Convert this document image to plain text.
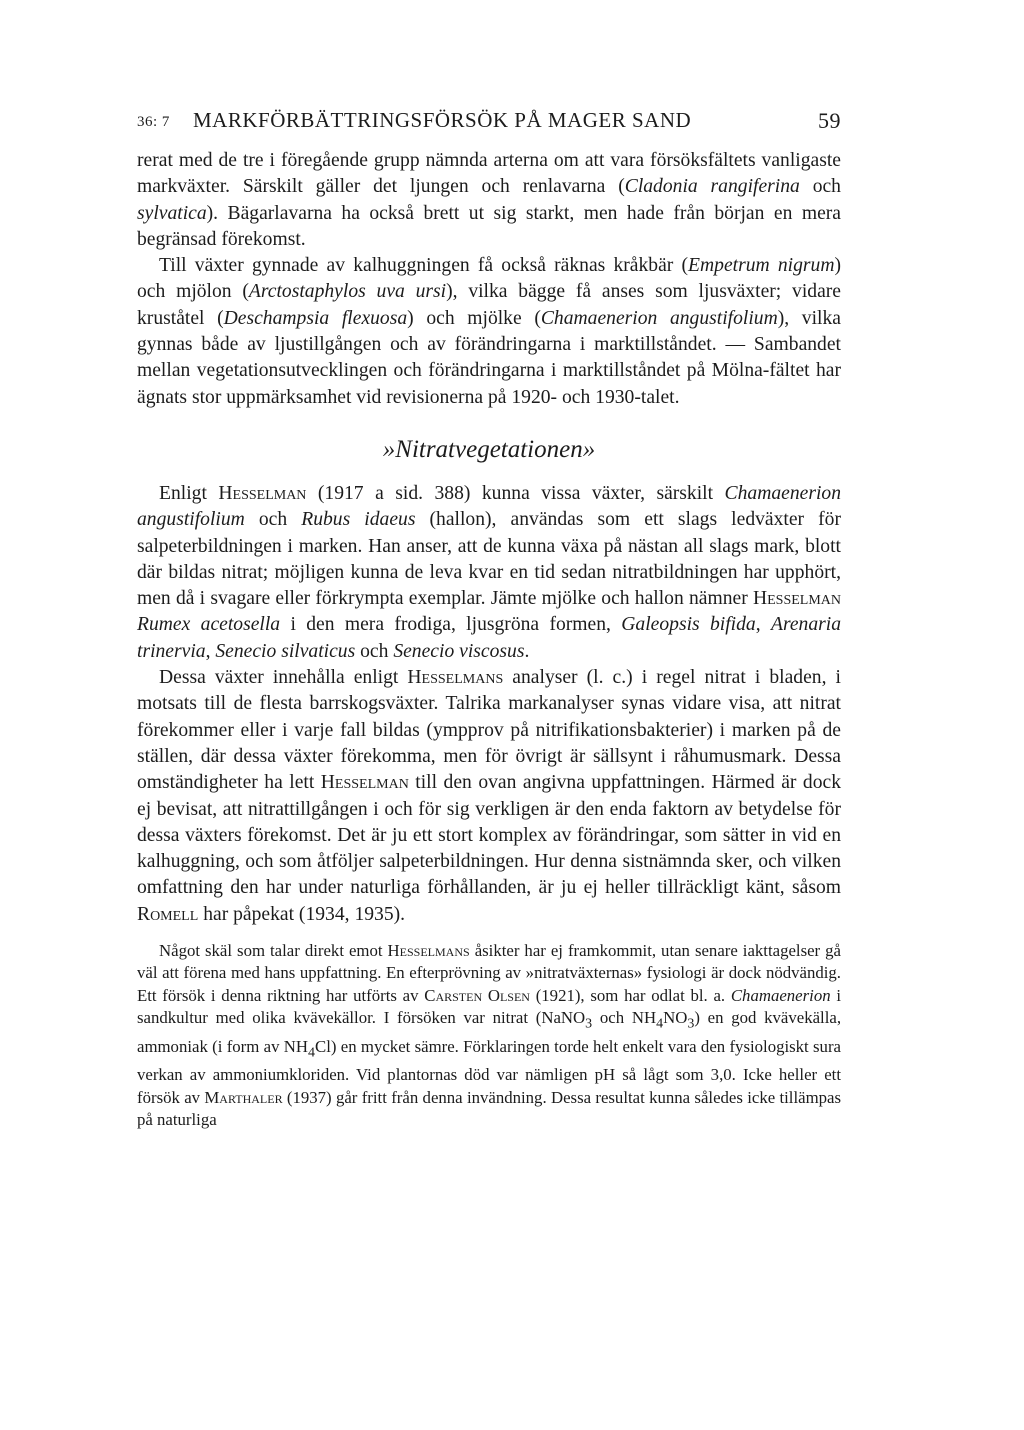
36: 7 MARKFÖRBÄTTRINGSFÖRSÖK PÅ MAGER SAND	59

rerat med de tre i föregående grupp nämnda arterna om att vara försöksfältets vanligaste markväxter. Särskilt gäller det ljungen och renlavarna (Cladonia rangiferina och sylvatica). Bägarlavarna ha också brett ut sig starkt, men hade från början en mera begränsad förekomst.

Till växter gynnade av kalhuggningen få också räknas kråkbär (Empetrum nigrum) och mjölon (Arctostaphylos uva ursi), vilka bägge få anses som ljusväxter; vidare kruståtel (Deschampsia flexuosa) och mjölke (Chamaenerion angustifolium), vilka gynnas både av ljustillgången och av förändringarna i marktillståndet. — Sambandet mellan vegetationsutvecklingen och förändringarna i marktillståndet på Mölna-fältet har ägnats stor uppmärksamhet vid revisionerna på 1920- och 1930-talet.

»Nitratvegetationen»

Enligt Hesselman (1917 a sid. 388) kunna vissa växter, särskilt Chamaenerion angustifolium och Rubus idaeus (hallon), användas som ett slags ledväxter för salpeterbildningen i marken. Han anser, att de kunna växa på nästan all slags mark, blott där bildas nitrat; möjligen kunna de leva kvar en tid sedan nitratbildningen har upphört, men då i svagare eller förkrympta exemplar. Jämte mjölke och hallon nämner Hesselman Rumex acetosella i den mera frodiga, ljusgröna formen, Galeopsis bifida, Arenaria trinervia, Senecio silvaticus och Senecio viscosus.

Dessa växter innehålla enligt Hesselmans analyser (l. c.) i regel nitrat i bladen, i motsats till de flesta barrskogsväxter. Talrika markanalyser synas vidare visa, att nitrat förekommer eller i varje fall bildas (ympprov på nitrifikationsbakterier) i marken på de ställen, där dessa växter förekomma, men för övrigt är sällsynt i råhumusmark. Dessa omständigheter ha lett Hesselman till den ovan angivna uppfattningen. Härmed är dock ej bevisat, att nitrattillgången i och för sig verkligen är den enda faktorn av betydelse för dessa växters förekomst. Det är ju ett stort komplex av förändringar, som sätter in vid en kalhuggning, och som åtföljer salpeterbildningen. Hur denna sistnämnda sker, och vilken omfattning den har under naturliga förhållanden, är ju ej heller tillräckligt känt, såsom Romell har påpekat (1934, 1935).

Något skäl som talar direkt emot Hesselmans åsikter har ej framkommit, utan senare iakttagelser gå väl att förena med hans uppfattning. En efterprövning av »nitratväxternas» fysiologi är dock nödvändig. Ett försök i denna riktning har utförts av Carsten Olsen (1921), som har odlat bl. a. Chamaenerion i sandkultur med olika kvävekällor. I försöken var nitrat (NaNO$_3$ och $NH_4NO_3$) en god kvävekälla, ammoniak (i form av $NH_4Cl$) en mycket sämre. Förklaringen torde helt enkelt vara den fysiologiskt sura verkan av ammoniumkloriden. Vid plantornas död var nämligen pH så lågt som 3,0. Icke heller ett försök av Marthaler (1937) går fritt från denna invändning. Dessa resultat kunna således icke tillämpas på naturliga
